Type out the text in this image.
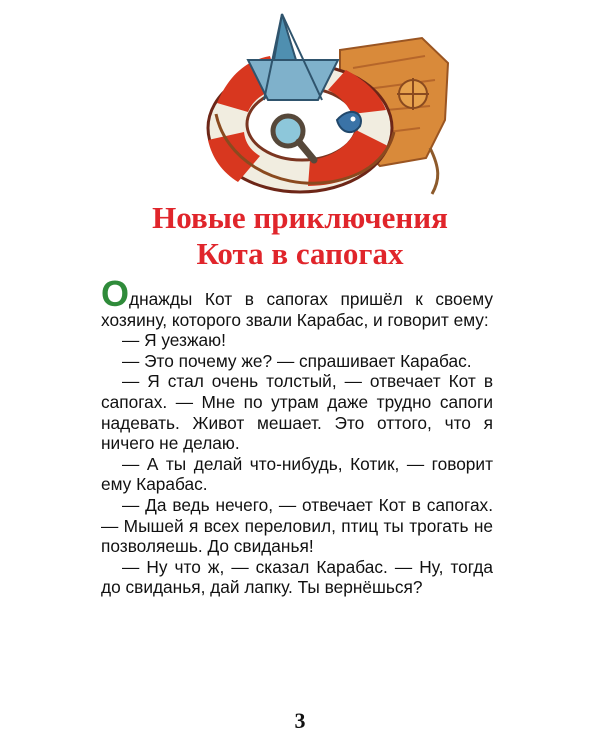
Новые приключения
Кота в сапогах

Однажды Кот в сапогах пришёл к своему хозяину, которого звали Карабас, и говорит ему:

— Я уезжаю!

— Это почему же? — спрашивает Карабас.

— Я стал очень толстый, — отвечает Кот в сапогах. — Мне по утрам даже трудно сапоги надевать. Живот мешает. Это оттого, что я ничего не делаю.

— А ты делай что-нибудь, Котик, — говорит ему Карабас.

— Да ведь нечего, — отвечает Кот в сапогах. — Мышей я всех переловил, птиц ты трогать не позволяешь. До свиданья!

— Ну что ж, — сказал Карабас. — Ну, тогда до свиданья, дай лапку. Ты вернёшься?

3
